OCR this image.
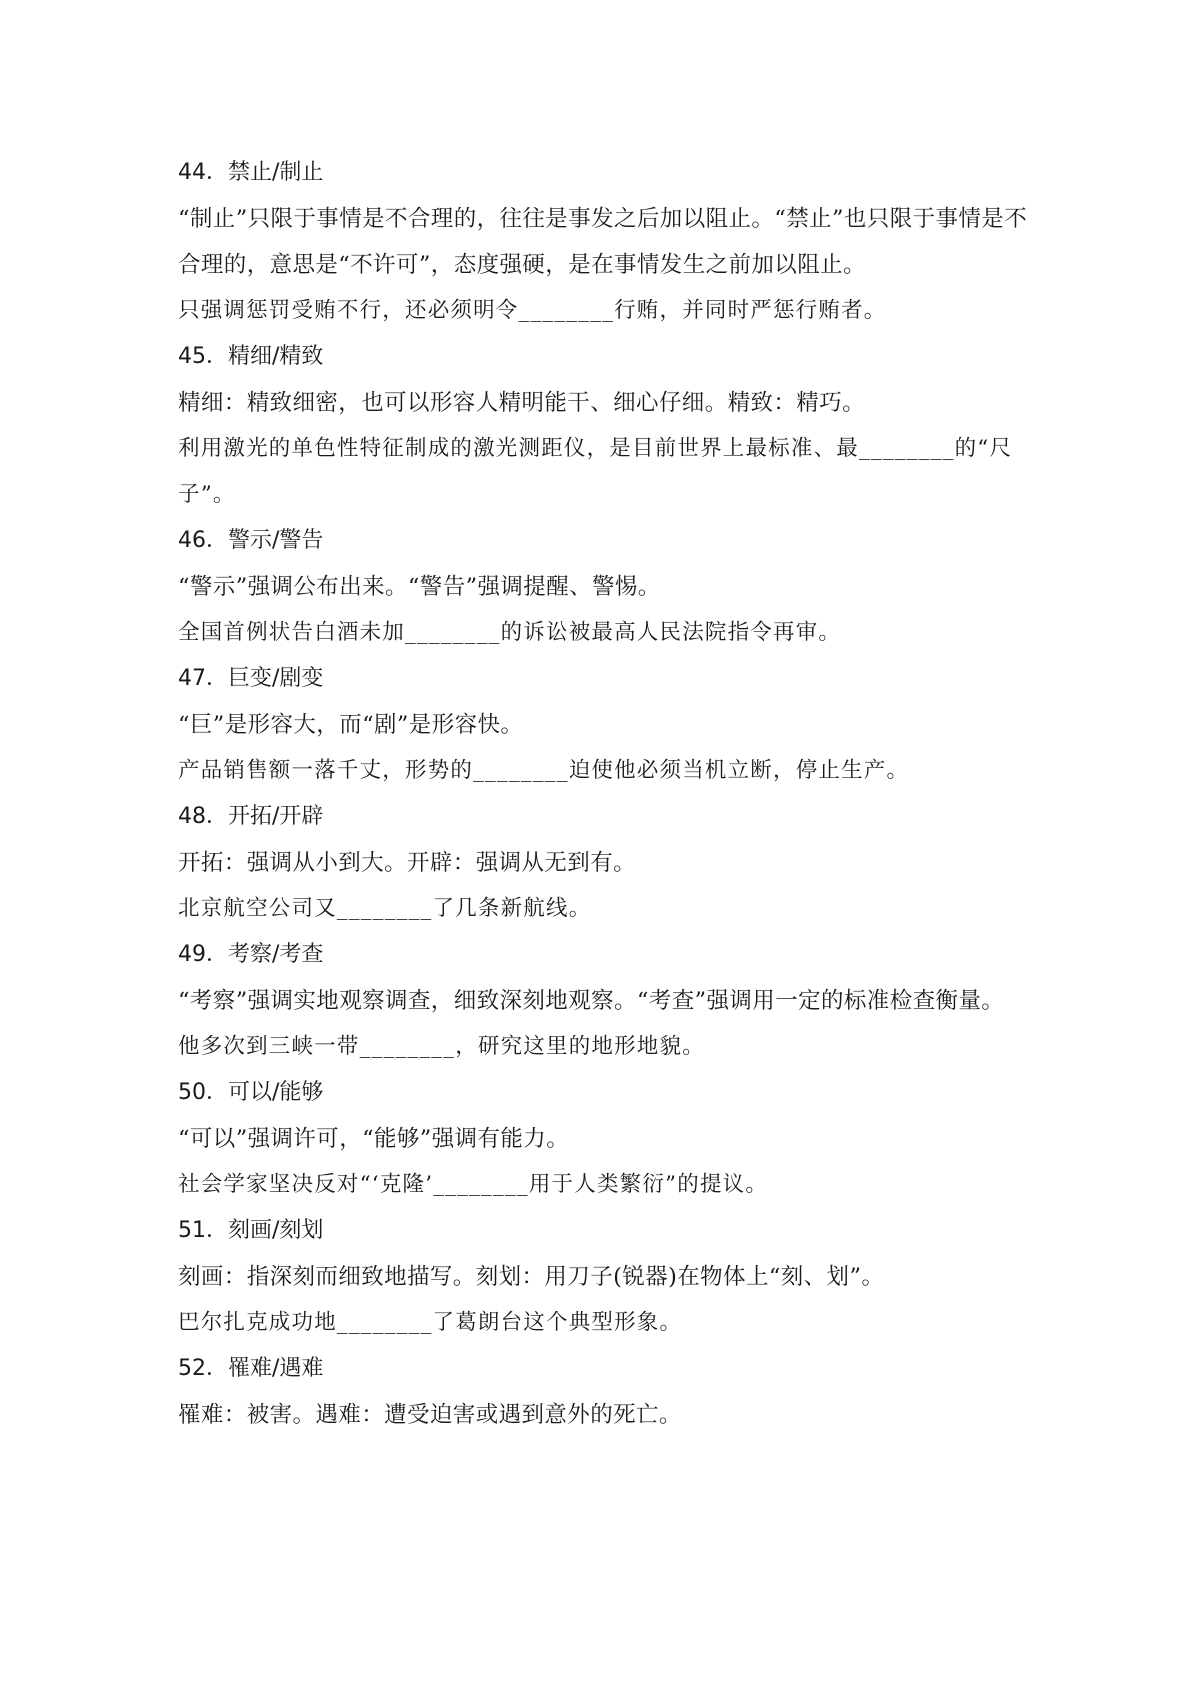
44．禁止/制止
“制止”只限于事情是不合理的，往往是事发之后加以阻止。“禁止”也只限于事情是不合理的，意思是“不许可”，态度强硬，是在事情发生之前加以阻止。
只强调惩罚受贿不行，还必须明令________行贿，并同时严惩行贿者。
45．精细/精致
精细：精致细密，也可以形容人精明能干、细心仔细。精致：精巧。
利用激光的单色性特征制成的激光测距仪，是目前世界上最标准、最________的“尺子”。
46．警示/警告
“警示”强调公布出来。“警告”强调提醒、警惕。
全国首例状告白酒未加________的诉讼被最高人民法院指令再审。
47．巨变/剧变
“巨”是形容大，而“剧”是形容快。
产品销售额一落千丈，形势的________迫使他必须当机立断，停止生产。
48．开拓/开辟
开拓：强调从小到大。开辟：强调从无到有。
北京航空公司又________了几条新航线。
49．考察/考查
“考察”强调实地观察调查，细致深刻地观察。“考查”强调用一定的标准检查衡量。
他多次到三峡一带________，研究这里的地形地貌。
50．可以/能够
“可以”强调许可，“能够”强调有能力。
社会学家坚决反对“‘克隆’________用于人类繁衍”的提议。
51．刻画/刻划
刻画：指深刻而细致地描写。刻划：用刀子(锐器)在物体上“刻、划”。
巴尔扎克成功地________了葛朗台这个典型形象。
52．罹难/遇难
罹难：被害。遇难：遭受迫害或遇到意外的死亡。
